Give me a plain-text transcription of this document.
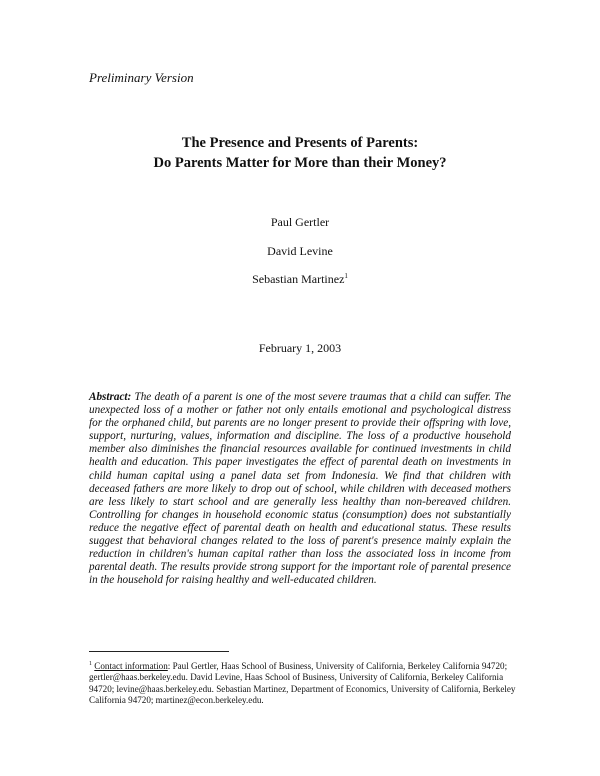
Preliminary Version
The Presence and Presents of Parents:
Do Parents Matter for More than their Money?
Paul Gertler
David Levine
Sebastian Martinez$^1$
February 1, 2003
Abstract: The death of a parent is one of the most severe traumas that a child can suffer. The unexpected loss of a mother or father not only entails emotional and psychological distress for the orphaned child, but parents are no longer present to provide their offspring with love, support, nurturing, values, information and discipline. The loss of a productive household member also diminishes the financial resources available for continued investments in child health and education. This paper investigates the effect of parental death on investments in child human capital using a panel data set from Indonesia. We find that children with deceased fathers are more likely to drop out of school, while children with deceased mothers are less likely to start school and are generally less healthy than non-bereaved children. Controlling for changes in household economic status (consumption) does not substantially reduce the negative effect of parental death on health and educational status. These results suggest that behavioral changes related to the loss of parent's presence mainly explain the reduction in children's human capital rather than loss the associated loss in income from parental death. The results provide strong support for the important role of parental presence in the household for raising healthy and well-educated children.
$^1$ Contact information: Paul Gertler, Haas School of Business, University of California, Berkeley California 94720; gertler@haas.berkeley.edu. David Levine, Haas School of Business, University of California, Berkeley California 94720; levine@haas.berkeley.edu. Sebastian Martinez, Department of Economics, University of California, Berkeley California 94720; martinez@econ.berkeley.edu.
